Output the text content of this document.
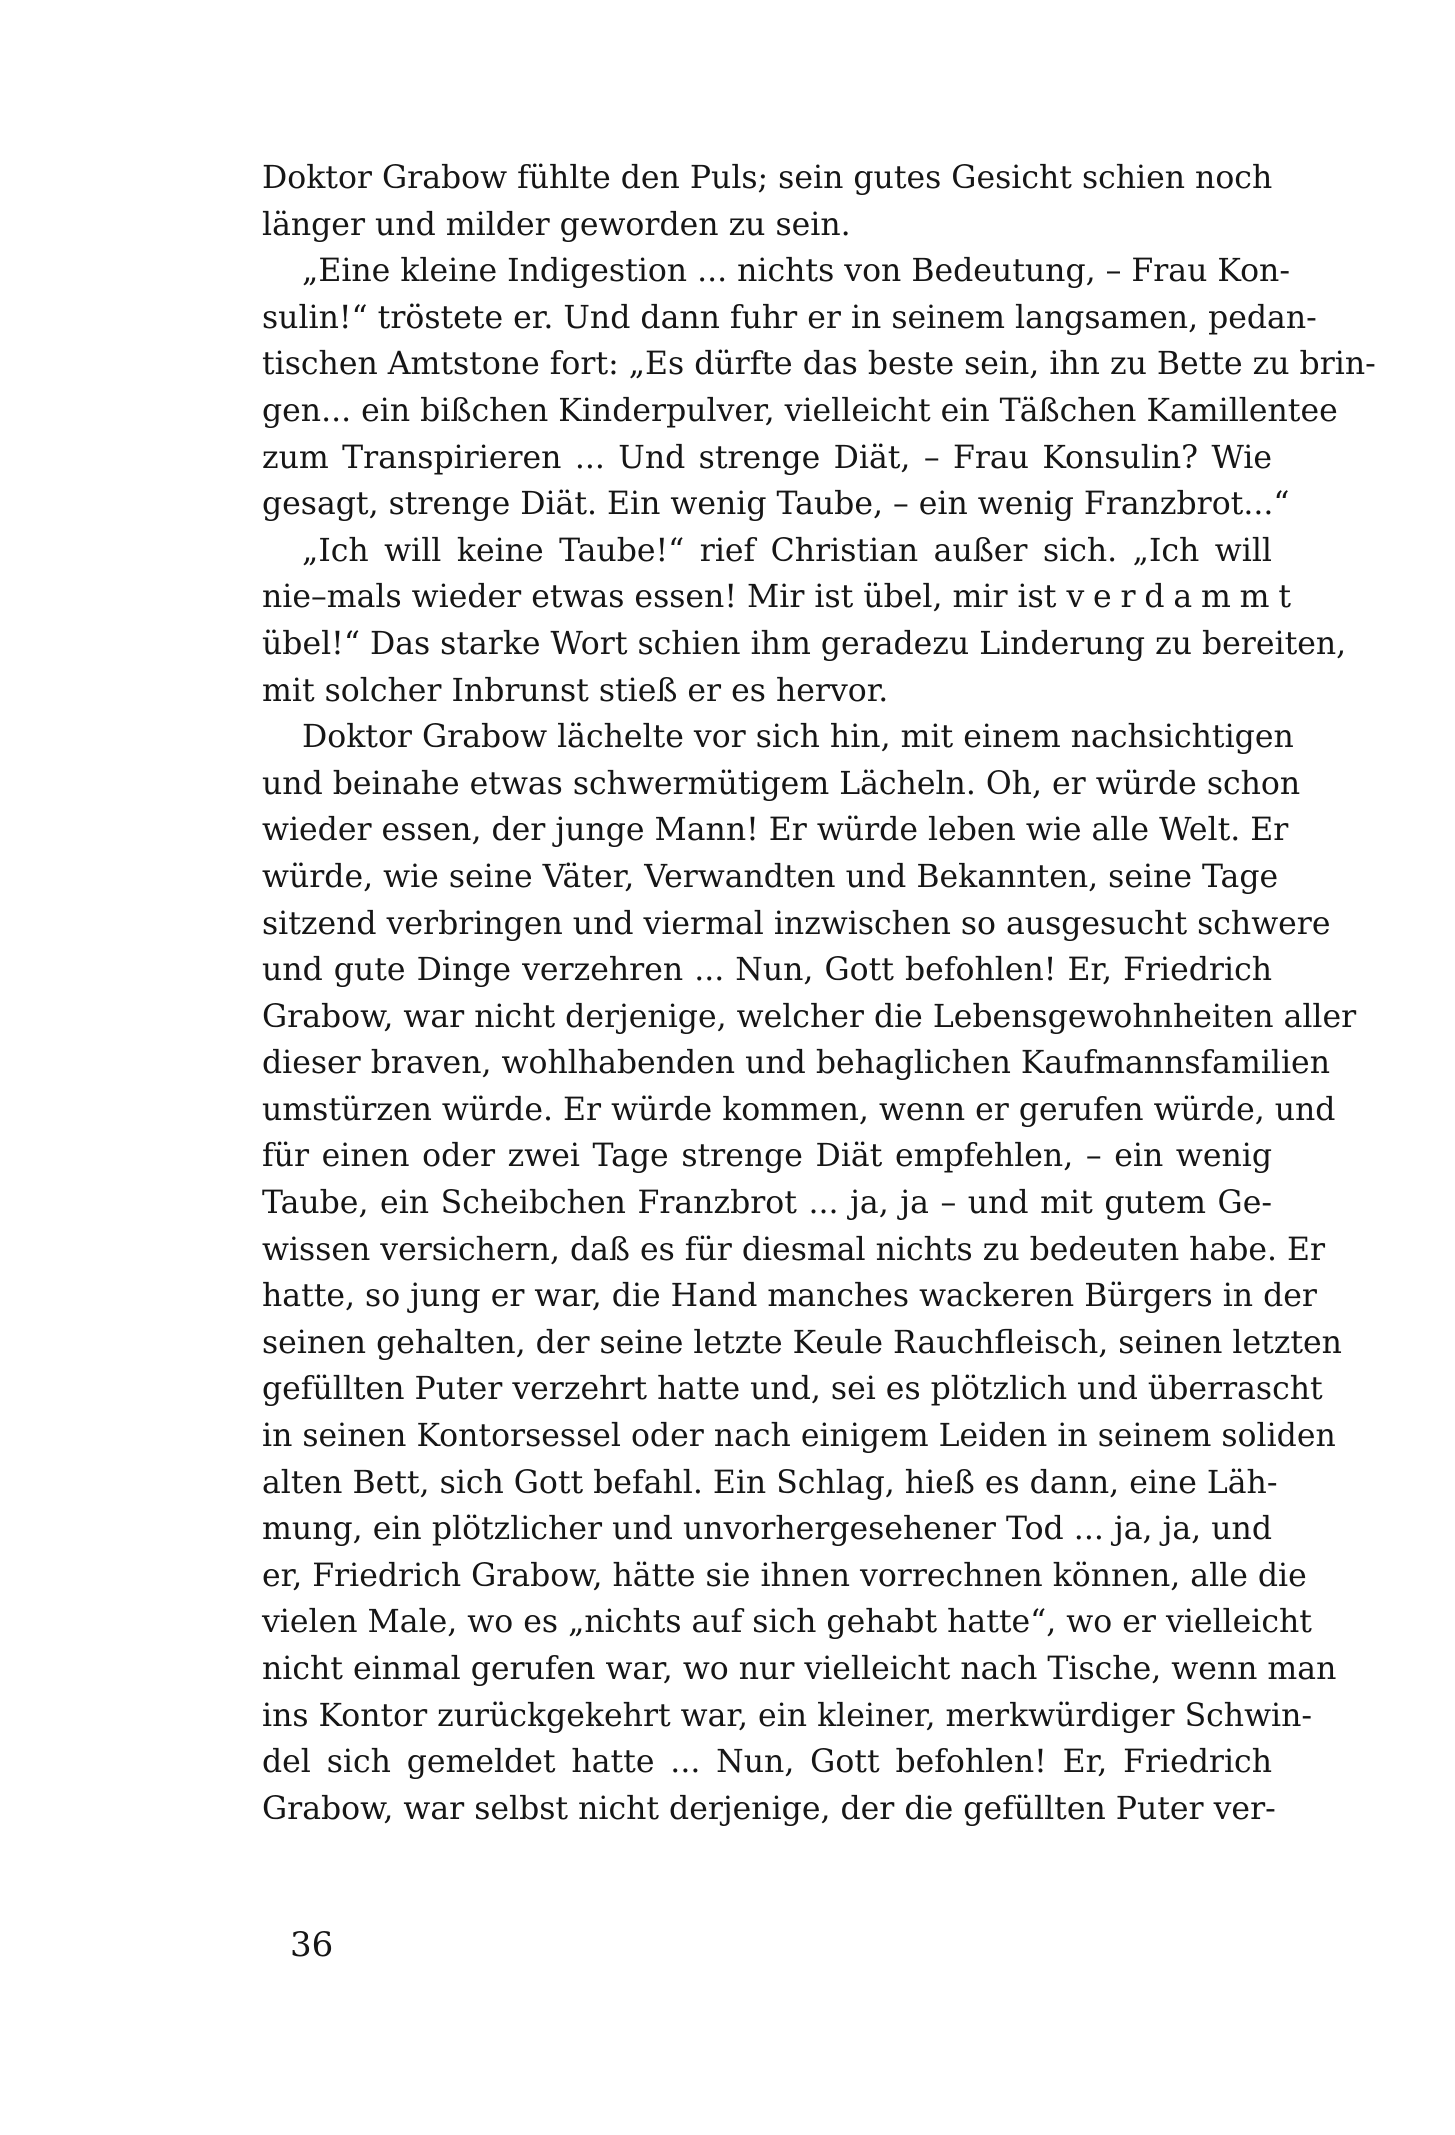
Doktor Grabow fühlte den Puls; sein gutes Gesicht schien noch
länger und milder geworden zu sein.
„Eine kleine Indigestion ... nichts von Bedeutung, – Frau Kon-
sulin!“ tröstete er. Und dann fuhr er in seinem langsamen, pedan-
tischen Amtstone fort: „Es dürfte das beste sein, ihn zu Bette zu brin-
gen... ein bißchen Kinderpulver, vielleicht ein Täßchen Kamillentee
zum Transpirieren ... Und strenge Diät, – Frau Konsulin? Wie
gesagt, strenge Diät. Ein wenig Taube, – ein wenig Franzbrot...“
„Ich will keine Taube!“ rief Christian außer sich. „Ich will
nie–mals wieder etwas essen! Mir ist übel, mir ist verdammt
übel!“ Das starke Wort schien ihm geradezu Linderung zu bereiten,
mit solcher Inbrunst stieß er es hervor.
Doktor Grabow lächelte vor sich hin, mit einem nachsichtigen
und beinahe etwas schwermütigem Lächeln. Oh, er würde schon
wieder essen, der junge Mann! Er würde leben wie alle Welt. Er
würde, wie seine Väter, Verwandten und Bekannten, seine Tage
sitzend verbringen und viermal inzwischen so ausgesucht schwere
und gute Dinge verzehren ... Nun, Gott befohlen! Er, Friedrich
Grabow, war nicht derjenige, welcher die Lebensgewohnheiten aller
dieser braven, wohlhabenden und behaglichen Kaufmannsfamilien
umstürzen würde. Er würde kommen, wenn er gerufen würde, und
für einen oder zwei Tage strenge Diät empfehlen, – ein wenig
Taube, ein Scheibchen Franzbrot ... ja, ja – und mit gutem Ge-
wissen versichern, daß es für diesmal nichts zu bedeuten habe. Er
hatte, so jung er war, die Hand manches wackeren Bürgers in der
seinen gehalten, der seine letzte Keule Rauchfleisch, seinen letzten
gefüllten Puter verzehrt hatte und, sei es plötzlich und überrascht
in seinen Kontorsessel oder nach einigem Leiden in seinem soliden
alten Bett, sich Gott befahl. Ein Schlag, hieß es dann, eine Läh-
mung, ein plötzlicher und unvorhergesehener Tod ... ja, ja, und
er, Friedrich Grabow, hätte sie ihnen vorrechnen können, alle die
vielen Male, wo es „nichts auf sich gehabt hatte“, wo er vielleicht
nicht einmal gerufen war, wo nur vielleicht nach Tische, wenn man
ins Kontor zurückgekehrt war, ein kleiner, merkwürdiger Schwin-
del sich gemeldet hatte ... Nun, Gott befohlen! Er, Friedrich
Grabow, war selbst nicht derjenige, der die gefüllten Puter ver-
36
